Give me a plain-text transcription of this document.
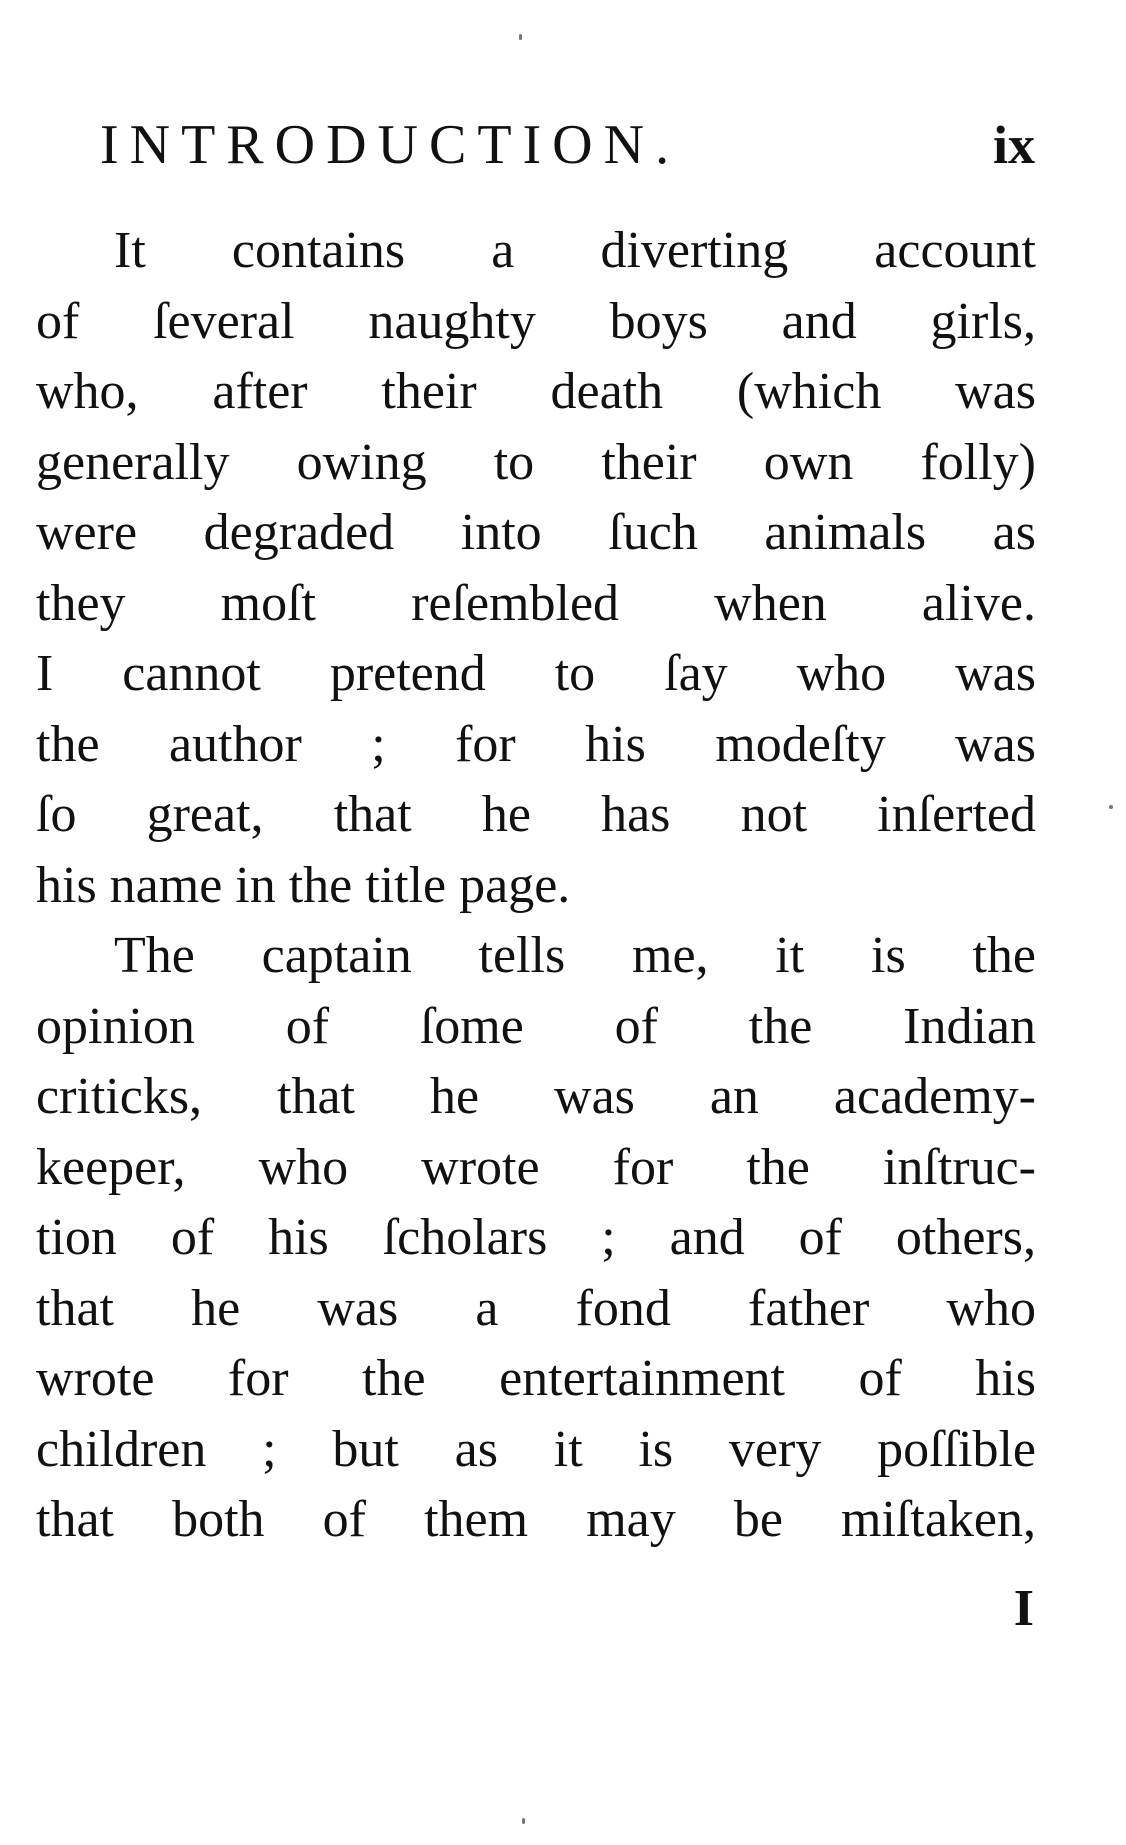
INTRODUCTION.	ix
It contains a diverting account
of ſeveral naughty boys and girls,
who, after their death (which was
generally owing to their own folly)
were degraded into ſuch animals as
they moſt reſembled when alive.
I cannot pretend to ſay who was
the author ; for his modeſty was
ſo great, that he has not inſerted
his name in the title page.
The captain tells me, it is the
opinion of ſome of the Indian
criticks, that he was an academy-
keeper, who wrote for the inſtruc-
tion of his ſcholars ; and of others,
that he was a fond father who
wrote for the entertainment of his
children ; but as it is very poſſible
that both of them may be miſtaken,
I
